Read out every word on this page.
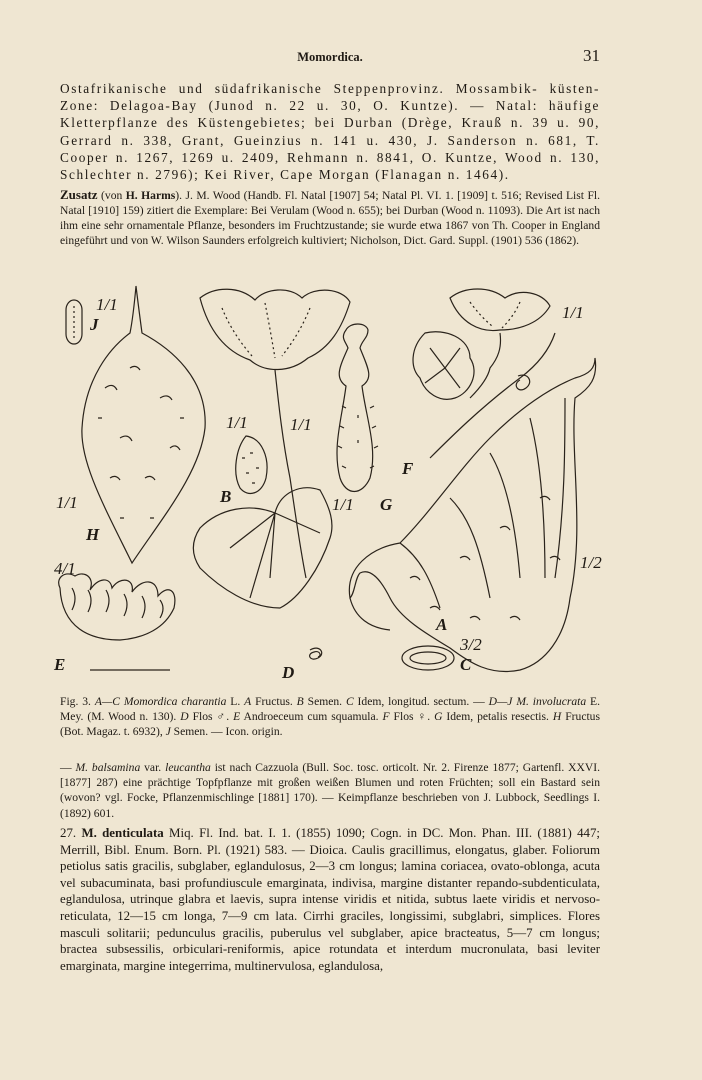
Momordica.	31
Ostafrikanische und südafrikanische Steppenprovinz. Mossambik- küsten-Zone: Delagoa-Bay (Junod n. 22 u. 30, O. Kuntze). — Natal: häufige Kletterpflanze des Küstengebietes; bei Durban (Drège, Krauß n. 39 u. 90, Gerrard n. 338, Grant, Gueinzius n. 141 u. 430, J. Sanderson n. 681, T. Cooper n. 1267, 1269 u. 2409, Rehmann n. 8841, O. Kuntze, Wood n. 130, Schlechter n. 2796); Kei River, Cape Morgan (Flanagan n. 1464).
Zusatz (von H. Harms). J. M. Wood (Handb. Fl. Natal [1907] 54; Natal Pl. VI. 1. [1909] t. 516; Revised List Fl. Natal [1910] 159) zitiert die Exemplare: Bei Verulam (Wood n. 655); bei Durban (Wood n. 11093). Die Art ist nach ihm eine sehr ornamentale Pflanze, besonders im Fruchtzustande; sie wurde etwa 1867 von Th. Cooper in England eingeführt und von W. Wilson Saunders erfolgreich kultiviert; Nicholson, Dict. Gard. Suppl. (1901) 536 (1862).
J
1/1
H
1/1
1/1 1/1
B
F
1/1
1/1 G
4/1
E	D
A
1/2
3/2
C
Fig. 3. A—C Momordica charantia L. A Fructus. B Semen. C Idem, longitud. sectum. — D—J M. involucrata E. Mey. (M. Wood n. 130). D Flos ♂. E Androeceum cum squamula. F Flos ♀. G Idem, petalis resectis. H Fructus (Bot. Magaz. t. 6932), J Semen. — Icon. origin.
— M. balsamina var. leucantha ist nach Cazzuola (Bull. Soc. tosc. orticolt. Nr. 2. Firenze 1877; Gartenfl. XXVI. [1877] 287) eine prächtige Topfpflanze mit großen weißen Blumen und roten Früchten; soll ein Bastard sein (wovon? vgl. Focke, Pflanzenmischlinge [1881] 170). — Keimpflanze beschrieben von J. Lubbock, Seedlings I. (1892) 601.
27. M. denticulata Miq. Fl. Ind. bat. I. 1. (1855) 1090; Cogn. in DC. Mon. Phan. III. (1881) 447; Merrill, Bibl. Enum. Born. Pl. (1921) 583. — Dioica. Caulis gracillimus, elongatus, glaber. Foliorum petiolus satis gracilis, subglaber, eglandulosus, 2—3 cm longus; lamina coriacea, ovato-oblonga, acuta vel subacuminata, basi profundiuscule emarginata, indivisa, margine distanter repando-subdenticulata, eglandulosa, utrinque glabra et laevis, supra intense viridis et nitida, subtus laete viridis et nervoso-reticulata, 12—15 cm longa, 7—9 cm lata. Cirrhi graciles, longissimi, subglabri, simplices. Flores masculi solitarii; pedunculus gracilis, puberulus vel subglaber, apice bracteatus, 5—7 cm longus; bractea subsessilis, orbiculari-reniformis, apice rotundata et interdum mucronulata, basi leviter emarginata, margine integerrima, multinervulosa, eglandulosa,
